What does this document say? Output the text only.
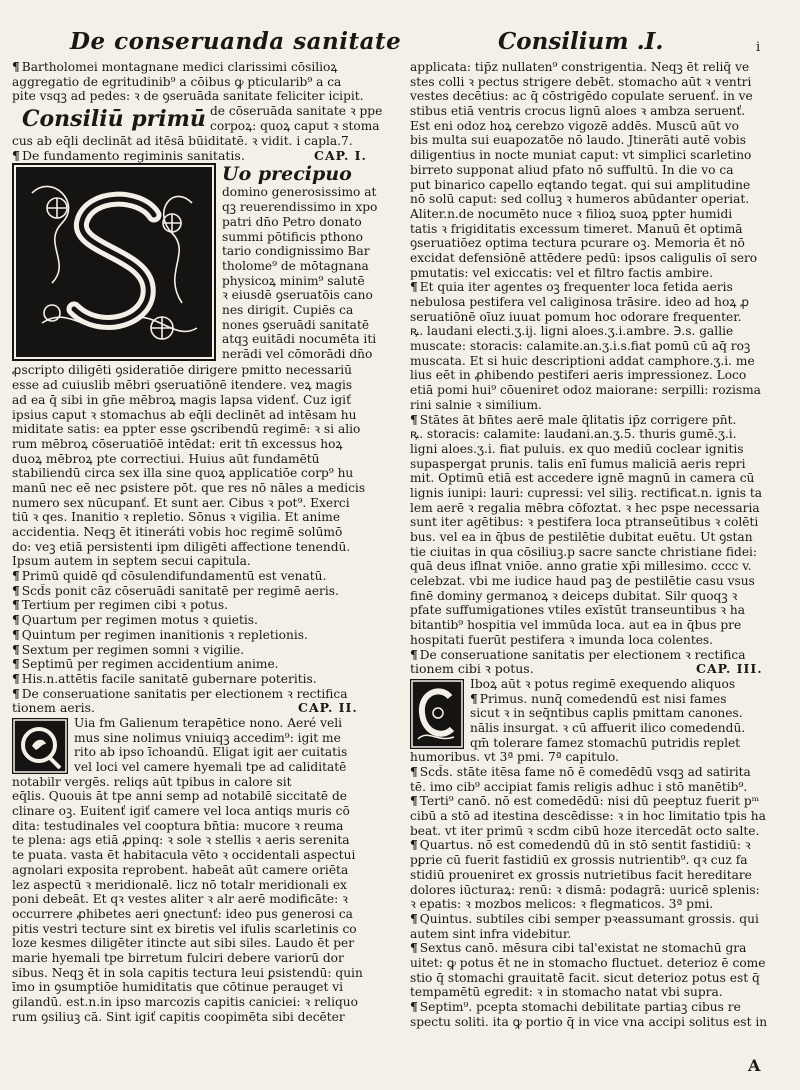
De conseruanda sanitate	Consilium .I.	i
¶ Bartholomei montagnane medici clarissimi cōsilioꝝ
aggregatio de egritudinib⁹ a cōibus ꝙ pticularib⁹ a ca
pite vsqꝫ ad pedes: ꝛ de ꝯseruāda sanitate feliciter icipit.
Consiliū primū de cōseruāda sanitate ꝛ ppe
corpoꝝ: quoꝝ caput ꝛ stoma
cus ab eq̄li declināt ad itēsā būiditatē. ꝛ vidit. i capla.7.
¶ De fundamento regiminis sanitatis.	CAP. I.
Uo precipuo
domino generosissimo at
qꝫ reuerendissimo in xpo
patri dn̄o Petro donato
summi pōtificis pthono
tario condignissimo Bar
tholome⁹ de mōtagnana
physicoꝝ minim⁹ salutē
ꝛ eiusdē ꝯseruatōis cano
nes dirigit. Cupiēs ca
nones ꝯseruādi sanitatē
atqꝫ euitādi nocumēta iti
nerādi vel cōmorādi dn̄o
ꝓscripto diligēti ꝯsideratiōe dirigere pmitto necessariū
esse ad cuiusliḃ mēbri ꝯseruatiōnē itendere. veꝝ magis
ad ea q̄ sibi in gn̄e mēbroꝝ magis lapsa videnť. Cuz igiť
ipsius caput ꝛ stomachus ab eq̄li declinēt ad intēsam hu
miditate satis: ea ppter esse ꝯscribendū regimē: ꝛ si alio
rum mēbroꝝ cōseruatiōē intēdat: erit tn̄ excessus hoꝝ
duoꝝ mēbroꝝ pte correctiui. Huius aūt fundamētū
stabiliendū circa sex illa sine quoꝝ applicatiōe corp⁹ hu
manū nec eē nec ꝑsistere pōt. que res nō nāles a medicis
numero sex nūcupanť. Et sunt aer. Cibus ꝛ pot⁹. Exerci
tiū ꝛ qes. Inanitio ꝛ repletio. Sōnus ꝛ vigilia. Et anime
accidentia. Neqꝫ ēt itineráti vobis hoc regimē solūmō
do: veꝫ etiā persistenti ipm diligēti affectione tenendū.
Ipsum autem in septem secui capitula.
¶ Primū quidē qd̄ cōsulendifundamentū est venatū.
¶ Scd̄s ponit cāz cōseruādi sanitatē per regimē aeris.
¶ Tertium per regimen cibi ꝛ potus.
¶ Quartum per regimen motus ꝛ quietis.
¶ Quintum per regimen inanitionis ꝛ repletionis.
¶ Sextum per regimen somni ꝛ vigilie.
¶ Septimū per regimen accidentium anime.
¶ His.n.attētis facile sanitatē gubernare poteritis.
¶ De conseruatione sanitatis per electionem ꝛ rectifica
tionem aeris.	CAP. II.
Uia fm Galienum terapētice nono. Aeré veli
mus sine nolimus vniuiqꝫ accedim⁹: igit me
rito ab ipso īchoandū. Eligat igit aer cuitatis
vel loci vel camere hyemali tpe ad caliditatē
notabilr vergēs. reliqs aūt tpibus in calore sit
eq̄lis. Quouis āt tpe anni semp ad notabilē siccitatē de
clinare oꝫ. Euitenť igiť camere vel loca antiqs muris cō
dita: testudinales vel cooptura bn̄tia: mucore ꝛ reuma
te plena: ags etiā ꝓpinq: ꝛ sole ꝛ stellis ꝛ aeris serenita
te puata. vasta ēt habitacula vēto ꝛ occidentali aspectui
agnolari exposita reprobent. habeāt aūt camere oriēta
lez aspectū ꝛ meridionalē. licz nō totalr meridionali ex
poni debeāt. Et qꝛ vestes aliter ꝛ alr aerē modificāte: ꝛ
occurrere ꝓhibetes aeri ꝯnectunť: ideo pus generosi ca
pitis vestri tecture sint ex biretis vel ifulis scarletinis co
loze kesmes diligēter itincte aut sibi siles. Laudo ēt per
marie hyemali tpe birretum fulciri debere variorū dor
sibus. Neqꝫ ēt in sola capitis tectura leui ꝑsistendū: quin
īmo in ꝯsumptiōe humiditatis que cōtinue perauget vi
gilandū. est.n.in ipso marcozis capitis caniciei: ꝛ reliquo
rum ꝯsiliuꝫ cā. Sint igiť capitis coopimēta sibi decēter
applicata: tip̄z nullaten⁹ constrigentia. Neqꝫ ēt reliq̄ ve
stes colli ꝛ pectus strigere debēt. stomacho aūt ꝛ ventri
vestes decētius: ac q̄ cōstrigēdo copulate seruenť. in ve
stibus etiā ventris crocus lignū aloes ꝛ ambza seruenť.
Est eni odoz hoꝝ cerebzo vigozē addēs. Muscū aūt vo
bis multa sui euapozatōe nō laudo. Jtinerāti autē vobis
diligentius in nocte muniat caput: vt simplici scarletino
birreto supponat aliud pfato nō suffultū. In die vo ca
put binarico capello eqtando tegat. qui sui amplitudine
nō solū caput: sed colluꝫ ꝛ humeros abūdanter operiat.
Aliter.n.de nocumēto nuce ꝛ filioꝝ suoꝝ pꝑter humidi
tatis ꝛ frigiditatis excessum timeret. Manuū ēt optimā
ꝯseruatiōez optima tectura pcurare oꝫ. Memoria ēt nō
excidat defensiōnē attēdere pedū: ipsos caligulis oī sero
pmutatis: vel exiccatis: vel et filtro factis ambire.
¶ Et quia iter agentes oꝫ frequenter loca fetida aeris
nebulosa pestifera vel caliginosa trāsire. ideo ad hoꝝ ꝓ
seruatiōnē oīuz iuuat pomum hoc odorare frequenter.
ꝶ. laudani electi.ʒ.ij. ligni aloes.ʒ.i.ambre. ℈.s. gallie
muscate: storacis: calamite.an.ʒ.i.s.fiat pomū cū aq̄ roꝫ
muscata. Et si huic descriptioni addat camphore.ʒ.i. me
lius eēt in ꝓhibendo pestiferi aeris impressionez. Loco
etiā pomi hui⁹ cōueniret odoz maiorane: serpilli: rozisma
rini salnie ꝛ similium.
¶ Stātes āt bn̄tes aerē male q̄litatis ip̄z corrigere pn̄t.
ꝶ. storacis: calamite: laudani.an.ʒ.5. thuris gumē.ʒ.i.
ligni aloes.ʒ.i. fiat puluis. ex quo mediū coclear ignitis
supaspergat prunis. talis enī fumus maliciā aeris repri
mit. Optimū etiā est accedere ignē magnū in camera cū
lignis iunipi: lauri: cupressi: vel siliꝫ. rectificat.n. ignis ta
lem aerē ꝛ regalia mēbra cōfoztat. ꝛ hec pspe necessaria
sunt iter agētibus: ꝛ pestifera loca ptranseūtibus ꝛ colēti
bus. vel ea in q̄bus de pestilētie dubitat euētu. Ut ꝯstan
tie ciuitas in qua cōsiliuꝫ.p sacre sancte christiane fidei:
quā deus iflnat vniōe. anno gratie xp̄i millesimo. cccc v.
celebzat. vbi me iudice haud paꝫ de pestilētie casu vsus
finē dominy germanoꝝ ꝛ deiceps dubitat. Silr quoqꝫ ꝛ
pfate suffumigationes vtiles exīstūt transeuntibus ꝛ ha
bitantib⁹ hospitia vel immūda loca. aut ea in q̄bus pre
hospitati fuerūt pestifera ꝛ imunda loca colentes.
¶ De conseruatione sanitatis per electionem ꝛ rectifica
tionem cibi ꝛ potus.	CAP. III.
Iboꝝ aūt ꝛ potus regimē exequendo aliquos
¶ Primus. nunq̄ comedendū est nisi fames
sicut ꝛ in seq̄ntibus caplis pmittam canones.
nālis insurgat. ꝛ cū affuerit ilico comedendū.
qm̄ tolerare famez stomachū putridis replet
humoribus. vt 3ª pmi. 7ª capitulo.
¶ Scd̄s. stāte itēsa fame nō ē comedēdū vsqꝫ ad satirita
tē. imo cib⁹ accipiat famis religis adhuc i stō manētib⁹.
¶ Terti⁹ canō. nō est comedēdū: nisi dū peeptuz fuerit pᵐ
cibū a stō ad itestina descēdisse: ꝛ in hoc limitatio tpis ha
beat. vt iter primū ꝛ scdm cibū hoze itercedāt octo salte.
¶ Quartus. nō est comedendū dū in stō sentit fastidiū: ꝛ
pꝑrie cū fuerit fastidiū ex grossis nutrientib⁹. qꝛ cuz fa
stidiū proueniret ex grossis nutrietibus facit hereditare
dolores iūcturaꝝ: renū: ꝛ dismā: podagrā: uuricē splenis:
ꝛ epatis: ꝛ mozbos melicos: ꝛ flegmaticos. 3ª pmi.
¶ Quintus. subtiles cibi semper pꝛeassumant grossis. qui
autem sint infra videbitur.
¶ Sextus canō. mēsura cibi tal'existat ne stomachū gra
uitet: ꝙ potus ēt ne in stomacho fluctuet. deterioz ē come
stio q̄ stomachi grauitatē facit. sicut deterioz potus est q̄
tempamētū egredit: ꝛ in stomacho natat vbi supra.
¶ Septim⁹. pcepta stomachi debilitate partiaꝫ cibus re
spectu soliti. ita ꝙ portio q̄ in vice vna accipi solitus est in
A
